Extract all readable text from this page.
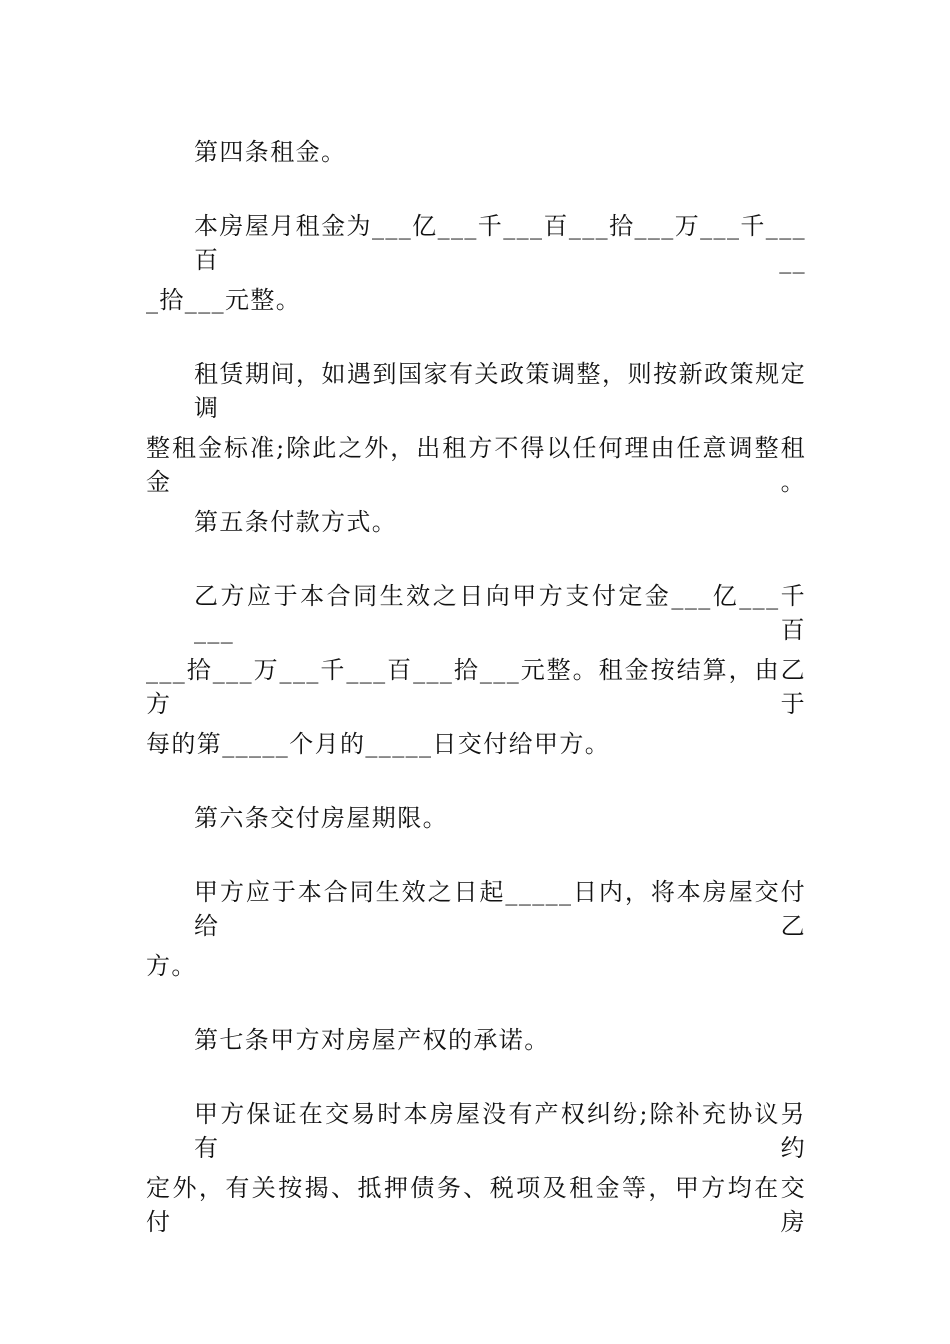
第四条租金。
本房屋月租金为___亿___千___百___拾___万___千___百__
_拾___元整。
租赁期间，如遇到国家有关政策调整，则按新政策规定调
整租金标准;除此之外，出租方不得以任何理由任意调整租金。
第五条付款方式。
乙方应于本合同生效之日向甲方支付定金___亿___千___百
___拾___万___千___百___拾___元整。租金按结算，由乙方于
每的第_____个月的_____日交付给甲方。
第六条交付房屋期限。
甲方应于本合同生效之日起_____日内，将本房屋交付给乙
方。
第七条甲方对房屋产权的承诺。
甲方保证在交易时本房屋没有产权纠纷;除补充协议另有约
定外，有关按揭、抵押债务、税项及租金等，甲方均在交付房
